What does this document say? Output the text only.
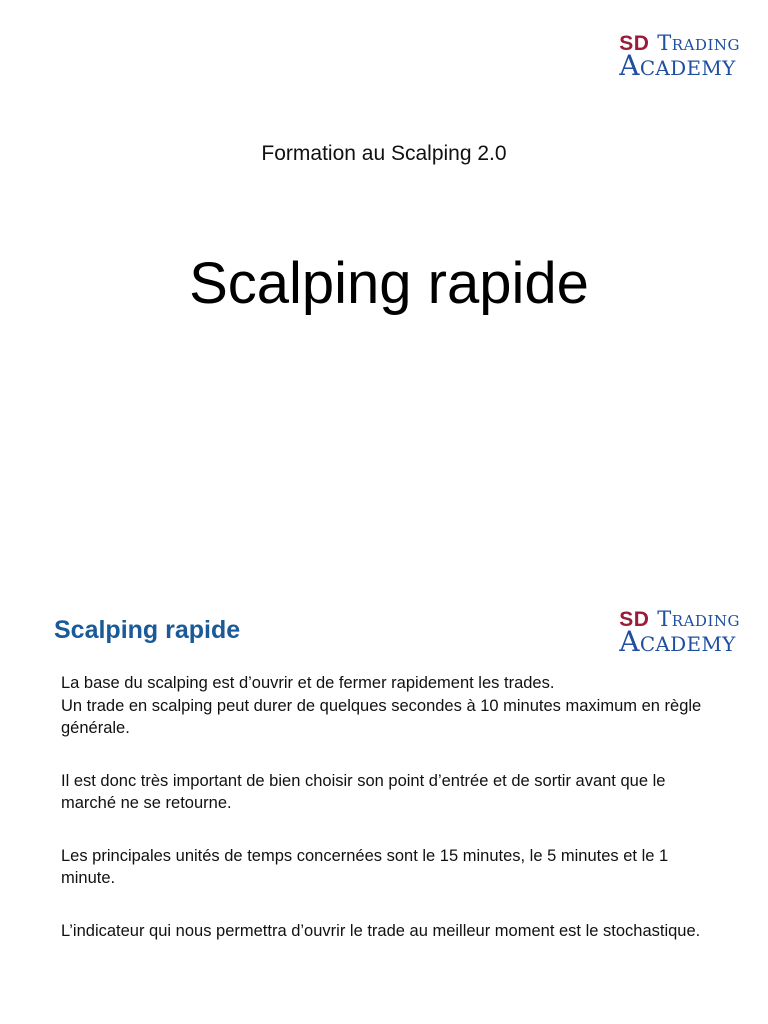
SD Trading
Academy
Formation au Scalping 2.0
Scalping rapide
Scalping rapide	SD Trading
Academy

La base du scalping est d’ouvrir et de fermer rapidement les trades.
Un trade en scalping peut durer de quelques secondes à 10 minutes maximum en règle générale.

Il est donc très important de bien choisir son point d’entrée et de sortir avant que le marché ne se retourne.

Les principales unités de temps concernées sont le 15 minutes, le 5 minutes et le 1 minute.

L’indicateur qui nous permettra d’ouvrir le trade au meilleur moment est le stochastique.
